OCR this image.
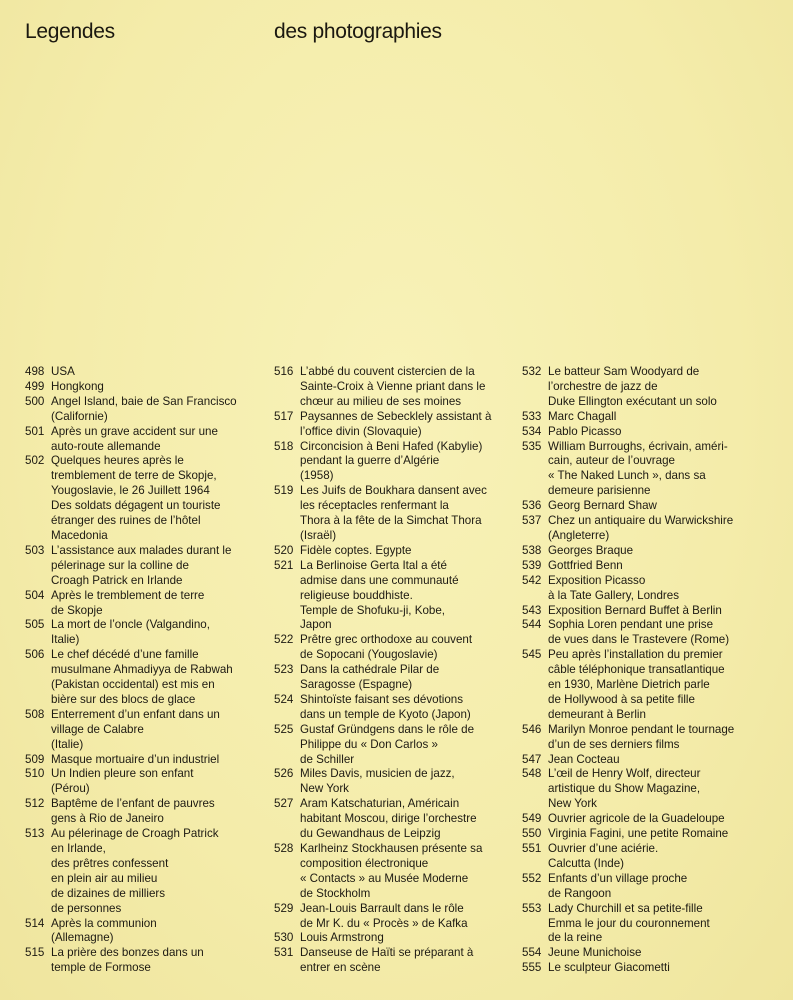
Legendes	des photographies
498 USA
499 Hongkong
500 Angel Island, baie de San Francisco
(Californie)
501 Après un grave accident sur une
auto-route allemande
502 Quelques heures après le
tremblement de terre de Skopje,
Yougoslavie, le 26 Juillett 1964
Des soldats dégagent un touriste
étranger des ruines de l’hôtel
Macedonia
503 L’assistance aux malades durant le
pélerinage sur la colline de
Croagh Patrick en Irlande
504 Après le tremblement de terre
de Skopje
505 La mort de l’oncle (Valgandino,
Italie)
506 Le chef décédé d’une famille
musulmane Ahmadiyya de Rabwah
(Pakistan occidental) est mis en
bière sur des blocs de glace
508 Enterrement d’un enfant dans un
village de Calabre
(Italie)
509 Masque mortuaire d’un industriel
510 Un Indien pleure son enfant
(Pérou)
512 Baptême de l’enfant de pauvres
gens à Rio de Janeiro
513 Au pélerinage de Croagh Patrick
en Irlande,
des prêtres confessent
en plein air au milieu
de dizaines de milliers
de personnes
514 Après la communion
(Allemagne)
515 La prière des bonzes dans un
temple de Formose
516 L’abbé du couvent cistercien de la
Sainte-Croix à Vienne priant dans le
chœur au milieu de ses moines
517 Paysannes de Sebecklely assistant à
l’office divin (Slovaquie)
518 Circoncision à Beni Hafed (Kabylie)
pendant la guerre d’Algérie
(1958)
519 Les Juifs de Boukhara dansent avec
les réceptacles renfermant la
Thora à la fête de la Simchat Thora
(Israël)
520 Fidèle coptes. Egypte
521 La Berlinoise Gerta Ital a été
admise dans une communauté
religieuse bouddhiste.
Temple de Shofuku-ji, Kobe,
Japon
522 Prêtre grec orthodoxe au couvent
de Sopocani (Yougoslavie)
523 Dans la cathédrale Pilar de
Saragosse (Espagne)
524 Shintoïste faisant ses dévotions
dans un temple de Kyoto (Japon)
525 Gustaf Gründgens dans le rôle de
Philippe du « Don Carlos »
de Schiller
526 Miles Davis, musicien de jazz,
New York
527 Aram Katschaturian, Américain
habitant Moscou, dirige l’orchestre
du Gewandhaus de Leipzig
528 Karlheinz Stockhausen présente sa
composition électronique
« Contacts » au Musée Moderne
de Stockholm
529 Jean-Louis Barrault dans le rôle
de Mr K. du « Procès » de Kafka
530 Louis Armstrong
531 Danseuse de Haïti se préparant à
entrer en scène
532 Le batteur Sam Woodyard de
l’orchestre de jazz de
Duke Ellington exécutant un solo
533 Marc Chagall
534 Pablo Picasso
535 William Burroughs, écrivain, améri-
cain, auteur de l’ouvrage
« The Naked Lunch », dans sa
demeure parisienne
536 Georg Bernard Shaw
537 Chez un antiquaire du Warwickshire
(Angleterre)
538 Georges Braque
539 Gottfried Benn
542 Exposition Picasso
à la Tate Gallery, Londres
543 Exposition Bernard Buffet à Berlin
544 Sophia Loren pendant une prise
de vues dans le Trastevere (Rome)
545 Peu après l’installation du premier
câble téléphonique transatlantique
en 1930, Marlène Dietrich parle
de Hollywood à sa petite fille
demeurant à Berlin
546 Marilyn Monroe pendant le tournage
d’un de ses derniers films
547 Jean Cocteau
548 L’œil de Henry Wolf, directeur
artistique du Show Magazine,
New York
549 Ouvrier agricole de la Guadeloupe
550 Virginia Fagini, une petite Romaine
551 Ouvrier d’une aciérie.
Calcutta (Inde)
552 Enfants d’un village proche
de Rangoon
553 Lady Churchill et sa petite-fille
Emma le jour du couronnement
de la reine
554 Jeune Munichoise
555 Le sculpteur Giacometti
